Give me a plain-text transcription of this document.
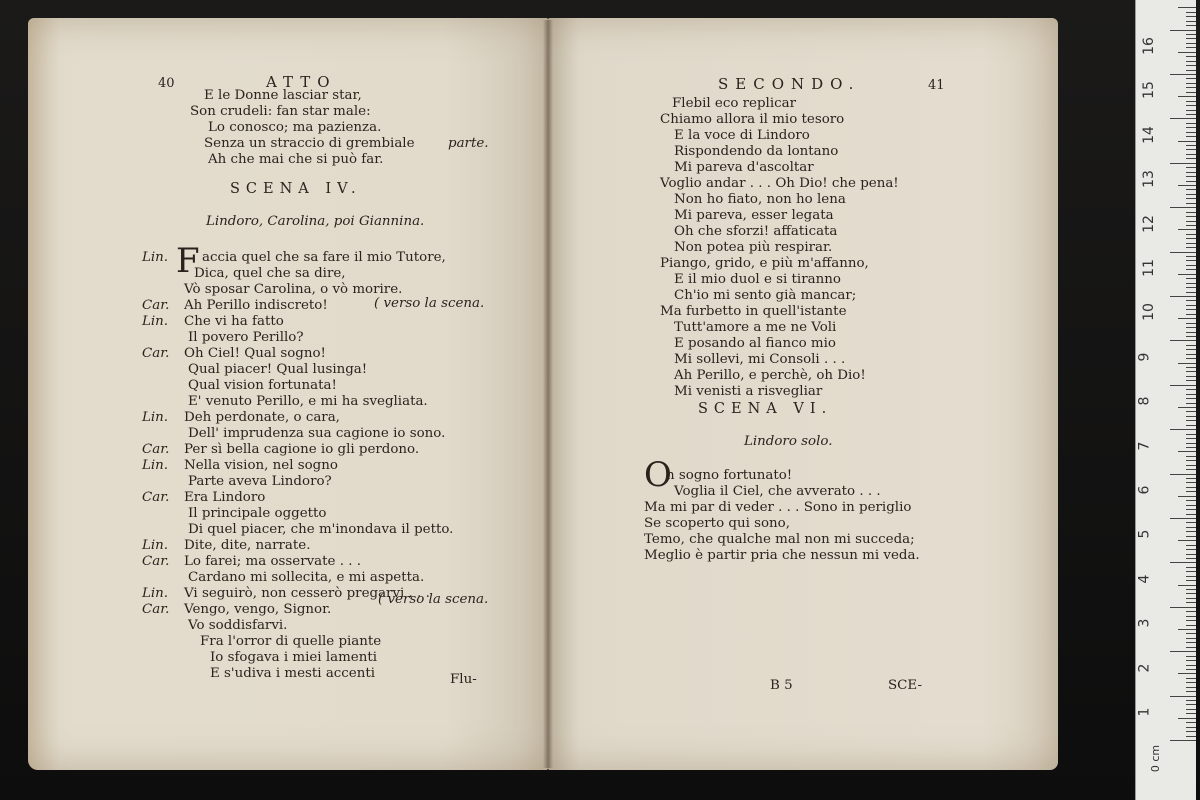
40	ATTO
E le Donne lasciar star,
Son crudeli: fan star male:
Lo conosco; ma pazienza.
Senza un straccio di grembiale parte.
Ah che mai che si può far.
SCENA IV.
Lindoro, Carolina, poi Giannina.
F
Lin.	accia quel che sa fare il mio Tutore,
Dica, quel che sa dire,
Vò sposar Carolina, o vò morire.
Car. Ah Perillo indiscreto!
Lin. Che vi ha fatto
Il povero Perillo?
Car. Oh Ciel! Qual sogno!
Qual piacer! Qual lusinga!
Qual vision fortunata!
E' venuto Perillo, e mi ha svegliata.
Lin. Deh perdonate, o cara,
Dell' imprudenza sua cagione io sono.
Car. Per sì bella cagione io gli perdono.
Lin. Nella vision, nel sogno
Parte aveva Lindoro?
Car. Era Lindoro
Il principale oggetto
Di quel piacer, che m'inondava il petto.
Lin. Dite, dite, narrate.
Car. Lo farei; ma osservate . . .
Cardano mi sollecita, e mi aspetta.
Lin. Vi seguirò, non cesserò pregarvi . . .
Car. Vengo, vengo, Signor.
Vo soddisfarvi.
Fra l'orror di quelle piante
Io sfogava i miei lamenti
E s'udiva i mesti accenti
( verso la scena.
( verso la scena.
Flu-
SECONDO.	41
Flebil eco replicar
Chiamo allora il mio tesoro
E la voce di Lindoro
Rispondendo da lontano
Mi pareva d'ascoltar
Voglio andar . . . Oh Dio! che pena!
Non ho fiato, non ho lena
Mi pareva, esser legata
Oh che sforzi! affaticata
Non potea più respirar.
Piango, grido, e più m'affanno,
E il mio duol e si tiranno
Ch'io mi sento già mancar;
Ma furbetto in quell'istante
Tutt'amore a me ne Voli
E posando al fianco mio
Mi sollevi, mi Consoli . . .
Ah Perillo, e perchè, oh Dio!
Mi venisti a risvegliar
SCENA VI.
Lindoro solo.
O
h sogno fortunato!
Voglia il Ciel, che avverato . . .
Ma mi par di veder . . . Sono in periglio
Se scoperto qui sono,
Temo, che qualche mal non mi succeda;
Meglio è partir pria che nessun mi veda.
B 5	SCE-
0 cm
16
15
14
13
12
11
10
9
8
7
6
5
4
3
2
1
